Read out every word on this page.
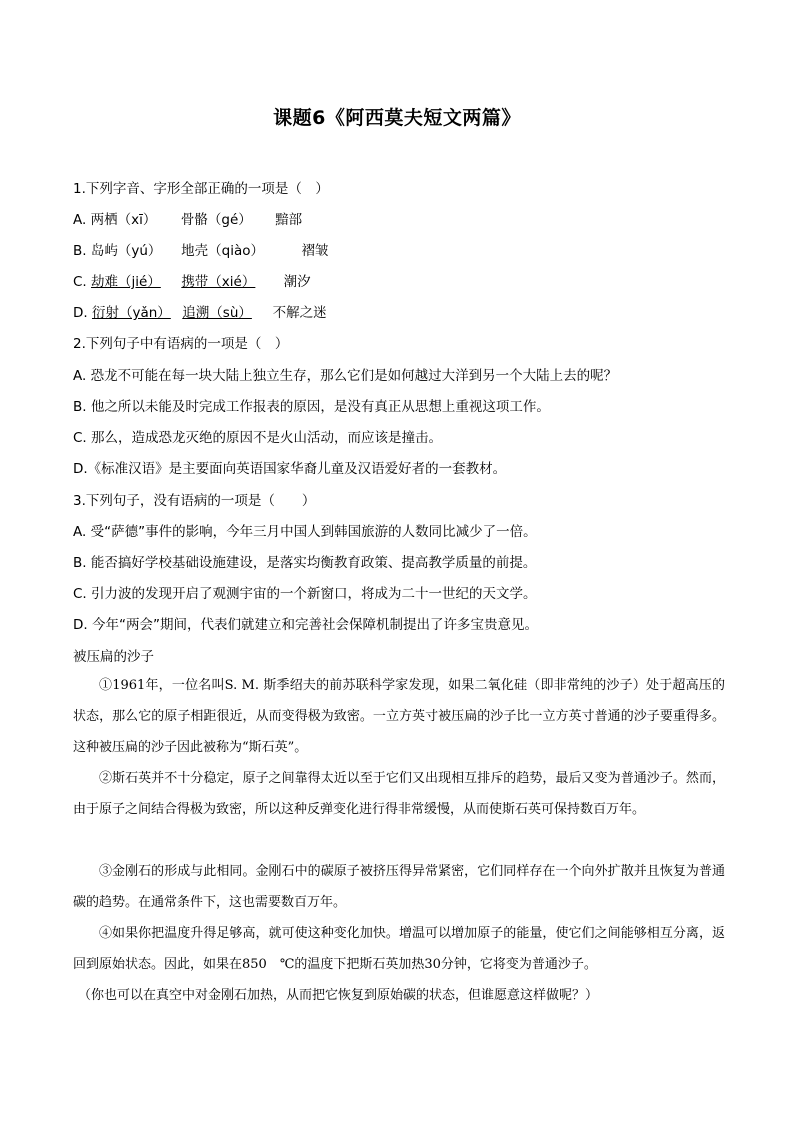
课题6《阿西莫夫短文两篇》
1.下列字音、字形全部正确的一项是（　）
A. 两栖（xī） 骨骼（gé） 黯部
B. 岛屿（yú） 地壳（qiào）	褶皱
C. 劫难（jié） 携带（xié） 潮汐
D. 衍射（yǎn） 追溯（sù） 不解之迷
2.下列句子中有语病的一项是（　）
A. 恐龙不可能在每一块大陆上独立生存，那么它们是如何越过大洋到另一个大陆上去的呢？
B. 他之所以未能及时完成工作报表的原因，是没有真正从思想上重视这项工作。
C. 那么，造成恐龙灭绝的原因不是火山活动，而应该是撞击。
D.《标准汉语》是主要面向英语国家华裔儿童及汉语爱好者的一套教材。
3.下列句子，没有语病的一项是（　　）
A. 受“萨德”事件的影响，今年三月中国人到韩国旅游的人数同比减少了一倍。
B. 能否搞好学校基础设施建设，是落实均衡教育政策、提高教学质量的前提。
C. 引力波的发现开启了观测宇宙的一个新窗口，将成为二十一世纪的天文学。
D. 今年“两会”期间，代表们就建立和完善社会保障机制提出了许多宝贵意见。
被压扁的沙子
①1961年，一位名叫S. M. 斯季绍夫的前苏联科学家发现，如果二氧化硅（即非常纯的沙子）处于超高压的状态，那么它的原子相距很近，从而变得极为致密。一立方英寸被压扁的沙子比一立方英寸普通的沙子要重得多。这种被压扁的沙子因此被称为“斯石英”。
②斯石英并不十分稳定，原子之间靠得太近以至于它们又出现相互排斥的趋势，最后又变为普通沙子。然而，由于原子之间结合得极为致密，所以这种反弹变化进行得非常缓慢，从而使斯石英可保持数百万年。
③金刚石的形成与此相同。金刚石中的碳原子被挤压得异常紧密，它们同样存在一个向外扩散并且恢复为普通碳的趋势。在通常条件下，这也需要数百万年。
④如果你把温度升得足够高，就可使这种变化加快。增温可以增加原子的能量，使它们之间能够相互分离，返回到原始状态。因此，如果在850　℃的温度下把斯石英加热30分钟，它将变为普通沙子。
（你也可以在真空中对金刚石加热，从而把它恢复到原始碳的状态，但谁愿意这样做呢？）
